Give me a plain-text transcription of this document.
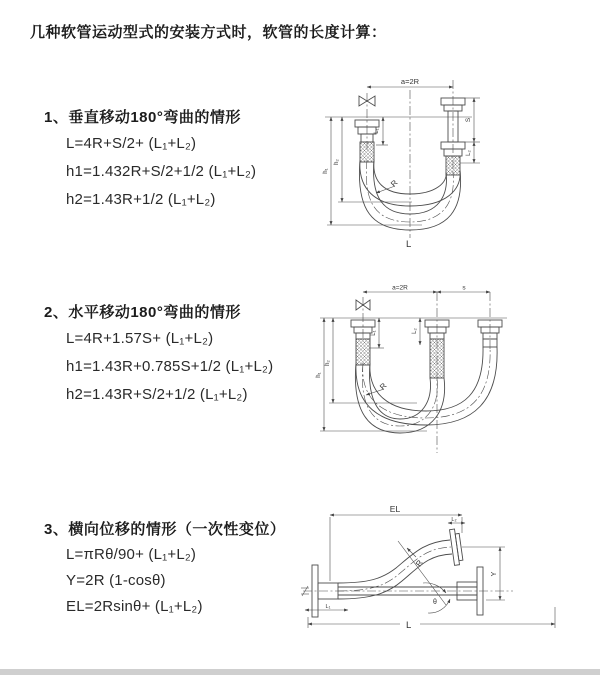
几种软管运动型式的安装方式时，软管的长度计算：
1、垂直移动180°弯曲的情形
L=4R+S/2+ (L₁+L₂)
h1=1.432R+S/2+1/2 (L₁+L₂)
h2=1.43R+1/2 (L₁+L₂)
a=2R
L₁
S
L₂
h₁
h₂
R
L
2、水平移动180°弯曲的情形
L=4R+1.57S+ (L₁+L₂)
h1=1.43R+0.785S+1/2 (L₁+L₂)
h2=1.43R+S/2+1/2 (L₁+L₂)
a=2R	s
L₁	L₂
h₁
h₂
R
3、横向位移的情形（一次性变位）
L=πRθ/90+ (L₁+L₂)
Y=2R (1-cosθ)
EL=2Rsinθ+ (L₁+L₂)
EL
L₂
Y
R
θ
L₁
L
